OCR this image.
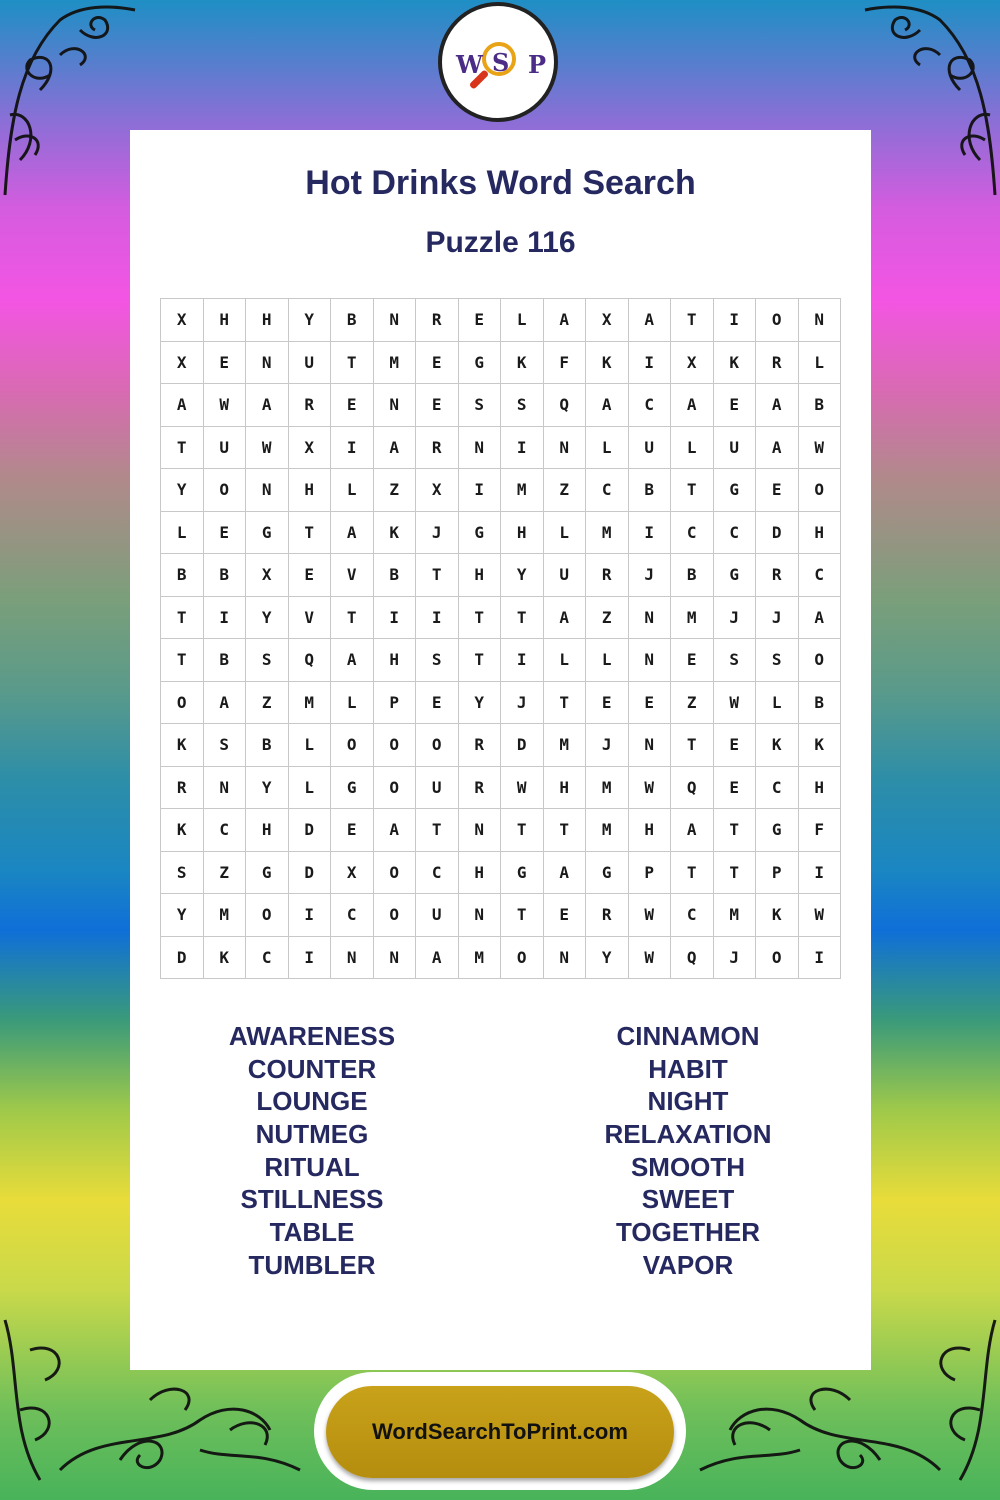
W S P
Hot Drinks Word Search
Puzzle 116
X	H	H	Y	B	N	R	E	L	A	X	A	T	I	O	N
X	E	N	U	T	M	E	G	K	F	K	I	X	K	R	L
A	W	A	R	E	N	E	S	S	Q	A	C	A	E	A	B
T	U	W	X	I	A	R	N	I	N	L	U	L	U	A	W
Y	O	N	H	L	Z	X	I	M	Z	C	B	T	G	E	O
L	E	G	T	A	K	J	G	H	L	M	I	C	C	D	H
B	B	X	E	V	B	T	H	Y	U	R	J	B	G	R	C
T	I	Y	V	T	I	I	T	T	A	Z	N	M	J	J	A
T	B	S	Q	A	H	S	T	I	L	L	N	E	S	S	O
O	A	Z	M	L	P	E	Y	J	T	E	E	Z	W	L	B
K	S	B	L	O	O	O	R	D	M	J	N	T	E	K	K
R	N	Y	L	G	O	U	R	W	H	M	W	Q	E	C	H
K	C	H	D	E	A	T	N	T	T	M	H	A	T	G	F
S	Z	G	D	X	O	C	H	G	A	G	P	T	T	P	I
Y	M	O	I	C	O	U	N	T	E	R	W	C	M	K	W
D	K	C	I	N	N	A	M	O	N	Y	W	Q	J	O	I
AWARENESS
COUNTER
LOUNGE
NUTMEG
RITUAL
STILLNESS
TABLE
TUMBLER
CINNAMON
HABIT
NIGHT
RELAXATION
SMOOTH
SWEET
TOGETHER
VAPOR
WordSearchToPrint.com
